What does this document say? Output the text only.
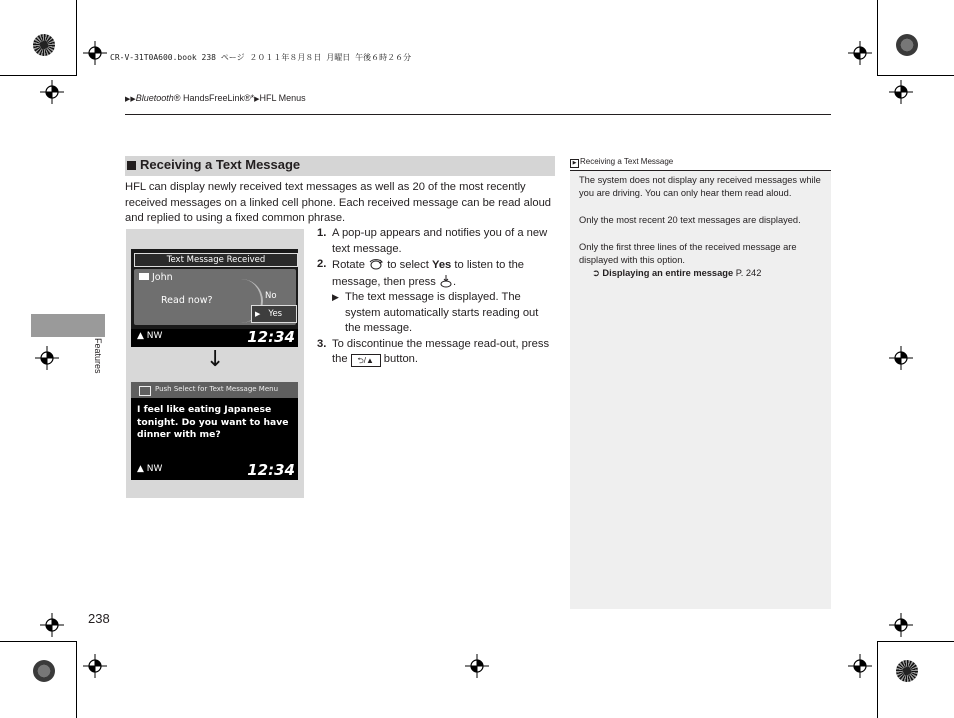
CR-V-31T0A600.book 238 ページ ２０１１年８月８日 月曜日 午後６時２６分
▶▶Bluetooth® HandsFreeLink®*▶HFL Menus
Features
Receiving a Text Message
HFL can display newly received text messages as well as 20 of the most recently received messages on a linked cell phone. Each received message can be read aloud and replied to using a fixed common phrase.
Text Message Received
John
Read now?	No
▶ Yes
▲ NW	12:34
↓
Push Select for Text Message Menu
I feel like eating Japanese tonight. Do you want to have dinner with me?
▲ NW	12:34
1. A pop-up appears and notifies you of a new text message.
2. Rotate to select Yes to listen to the message, then press .
▶ The text message is displayed. The system automatically starts reading out the message.
3. To discontinue the message read-out, press the ⮌/▲ button.
▶ Receiving a Text Message

The system does not display any received messages while you are driving. You can only hear them read aloud.

Only the most recent 20 text messages are displayed.

Only the first three lines of the received message are displayed with this option.
➲ Displaying an entire message P. 242

238
